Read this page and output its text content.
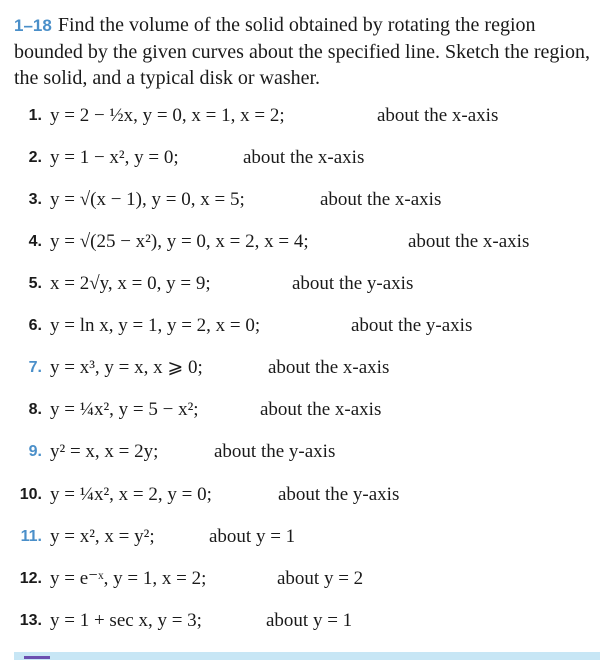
1–18 Find the volume of the solid obtained by rotating the region bounded by the given curves about the specified line. Sketch the region, the solid, and a typical disk or washer.
1. y = 2 − ½x, y = 0, x = 1, x = 2;	about the x-axis
2. y = 1 − x², y = 0;	about the x-axis
3. y = √(x − 1), y = 0, x = 5;	about the x-axis
4. y = √(25 − x²), y = 0, x = 2, x = 4;	about the x-axis
5. x = 2√y, x = 0, y = 9;	about the y-axis
6. y = ln x, y = 1, y = 2, x = 0;	about the y-axis
7. y = x³, y = x, x ⩾ 0;	about the x-axis
8. y = ¼x², y = 5 − x²;	about the x-axis
9. y² = x, x = 2y;	about the y-axis
10. y = ¼x², x = 2, y = 0;	about the y-axis
11. y = x², x = y²;	about y = 1
12. y = e⁻ˣ, y = 1, x = 2;	about y = 2
13. y = 1 + sec x, y = 3;	about y = 1
